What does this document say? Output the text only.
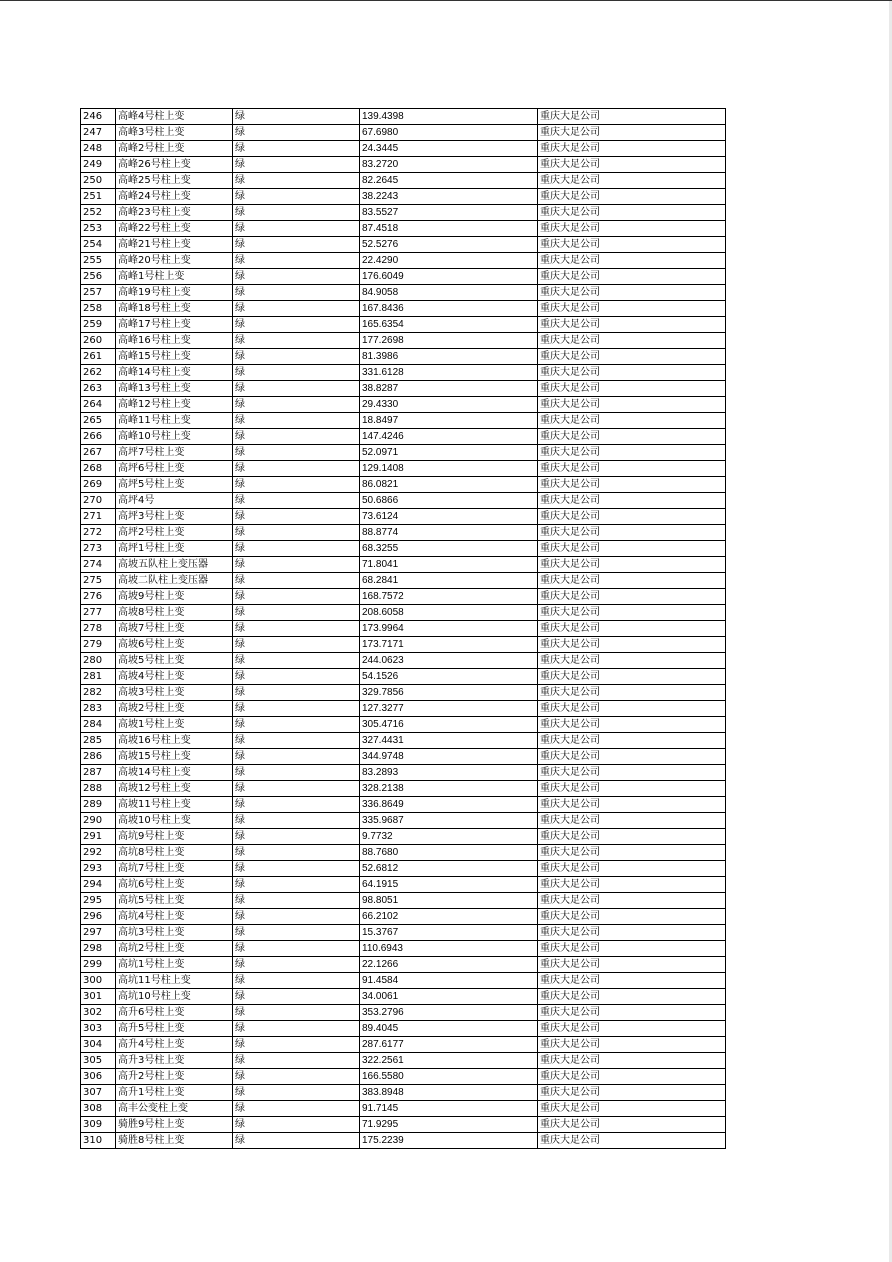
246	高峰4号柱上变	绿	139.4398	重庆大足公司
247	高峰3号柱上变	绿	67.6980	重庆大足公司
248	高峰2号柱上变	绿	24.3445	重庆大足公司
249	高峰26号柱上变	绿	83.2720	重庆大足公司
250	高峰25号柱上变	绿	82.2645	重庆大足公司
251	高峰24号柱上变	绿	38.2243	重庆大足公司
252	高峰23号柱上变	绿	83.5527	重庆大足公司
253	高峰22号柱上变	绿	87.4518	重庆大足公司
254	高峰21号柱上变	绿	52.5276	重庆大足公司
255	高峰20号柱上变	绿	22.4290	重庆大足公司
256	高峰1号柱上变	绿	176.6049	重庆大足公司
257	高峰19号柱上变	绿	84.9058	重庆大足公司
258	高峰18号柱上变	绿	167.8436	重庆大足公司
259	高峰17号柱上变	绿	165.6354	重庆大足公司
260	高峰16号柱上变	绿	177.2698	重庆大足公司
261	高峰15号柱上变	绿	81.3986	重庆大足公司
262	高峰14号柱上变	绿	331.6128	重庆大足公司
263	高峰13号柱上变	绿	38.8287	重庆大足公司
264	高峰12号柱上变	绿	29.4330	重庆大足公司
265	高峰11号柱上变	绿	18.8497	重庆大足公司
266	高峰10号柱上变	绿	147.4246	重庆大足公司
267	高坪7号柱上变	绿	52.0971	重庆大足公司
268	高坪6号柱上变	绿	129.1408	重庆大足公司
269	高坪5号柱上变	绿	86.0821	重庆大足公司
270	高坪4号	绿	50.6866	重庆大足公司
271	高坪3号柱上变	绿	73.6124	重庆大足公司
272	高坪2号柱上变	绿	88.8774	重庆大足公司
273	高坪1号柱上变	绿	68.3255	重庆大足公司
274	高坡五队柱上变压器	绿	71.8041	重庆大足公司
275	高坡二队柱上变压器	绿	68.2841	重庆大足公司
276	高坡9号柱上变	绿	168.7572	重庆大足公司
277	高坡8号柱上变	绿	208.6058	重庆大足公司
278	高坡7号柱上变	绿	173.9964	重庆大足公司
279	高坡6号柱上变	绿	173.7171	重庆大足公司
280	高坡5号柱上变	绿	244.0623	重庆大足公司
281	高坡4号柱上变	绿	54.1526	重庆大足公司
282	高坡3号柱上变	绿	329.7856	重庆大足公司
283	高坡2号柱上变	绿	127.3277	重庆大足公司
284	高坡1号柱上变	绿	305.4716	重庆大足公司
285	高坡16号柱上变	绿	327.4431	重庆大足公司
286	高坡15号柱上变	绿	344.9748	重庆大足公司
287	高坡14号柱上变	绿	83.2893	重庆大足公司
288	高坡12号柱上变	绿	328.2138	重庆大足公司
289	高坡11号柱上变	绿	336.8649	重庆大足公司
290	高坡10号柱上变	绿	335.9687	重庆大足公司
291	高坑9号柱上变	绿	9.7732	重庆大足公司
292	高坑8号柱上变	绿	88.7680	重庆大足公司
293	高坑7号柱上变	绿	52.6812	重庆大足公司
294	高坑6号柱上变	绿	64.1915	重庆大足公司
295	高坑5号柱上变	绿	98.8051	重庆大足公司
296	高坑4号柱上变	绿	66.2102	重庆大足公司
297	高坑3号柱上变	绿	15.3767	重庆大足公司
298	高坑2号柱上变	绿	110.6943	重庆大足公司
299	高坑1号柱上变	绿	22.1266	重庆大足公司
300	高坑11号柱上变	绿	91.4584	重庆大足公司
301	高坑10号柱上变	绿	34.0061	重庆大足公司
302	高升6号柱上变	绿	353.2796	重庆大足公司
303	高升5号柱上变	绿	89.4045	重庆大足公司
304	高升4号柱上变	绿	287.6177	重庆大足公司
305	高升3号柱上变	绿	322.2561	重庆大足公司
306	高升2号柱上变	绿	166.5580	重庆大足公司
307	高升1号柱上变	绿	383.8948	重庆大足公司
308	高丰公变柱上变	绿	91.7145	重庆大足公司
309	骑胜9号柱上变	绿	71.9295	重庆大足公司
310	骑胜8号柱上变	绿	175.2239	重庆大足公司
